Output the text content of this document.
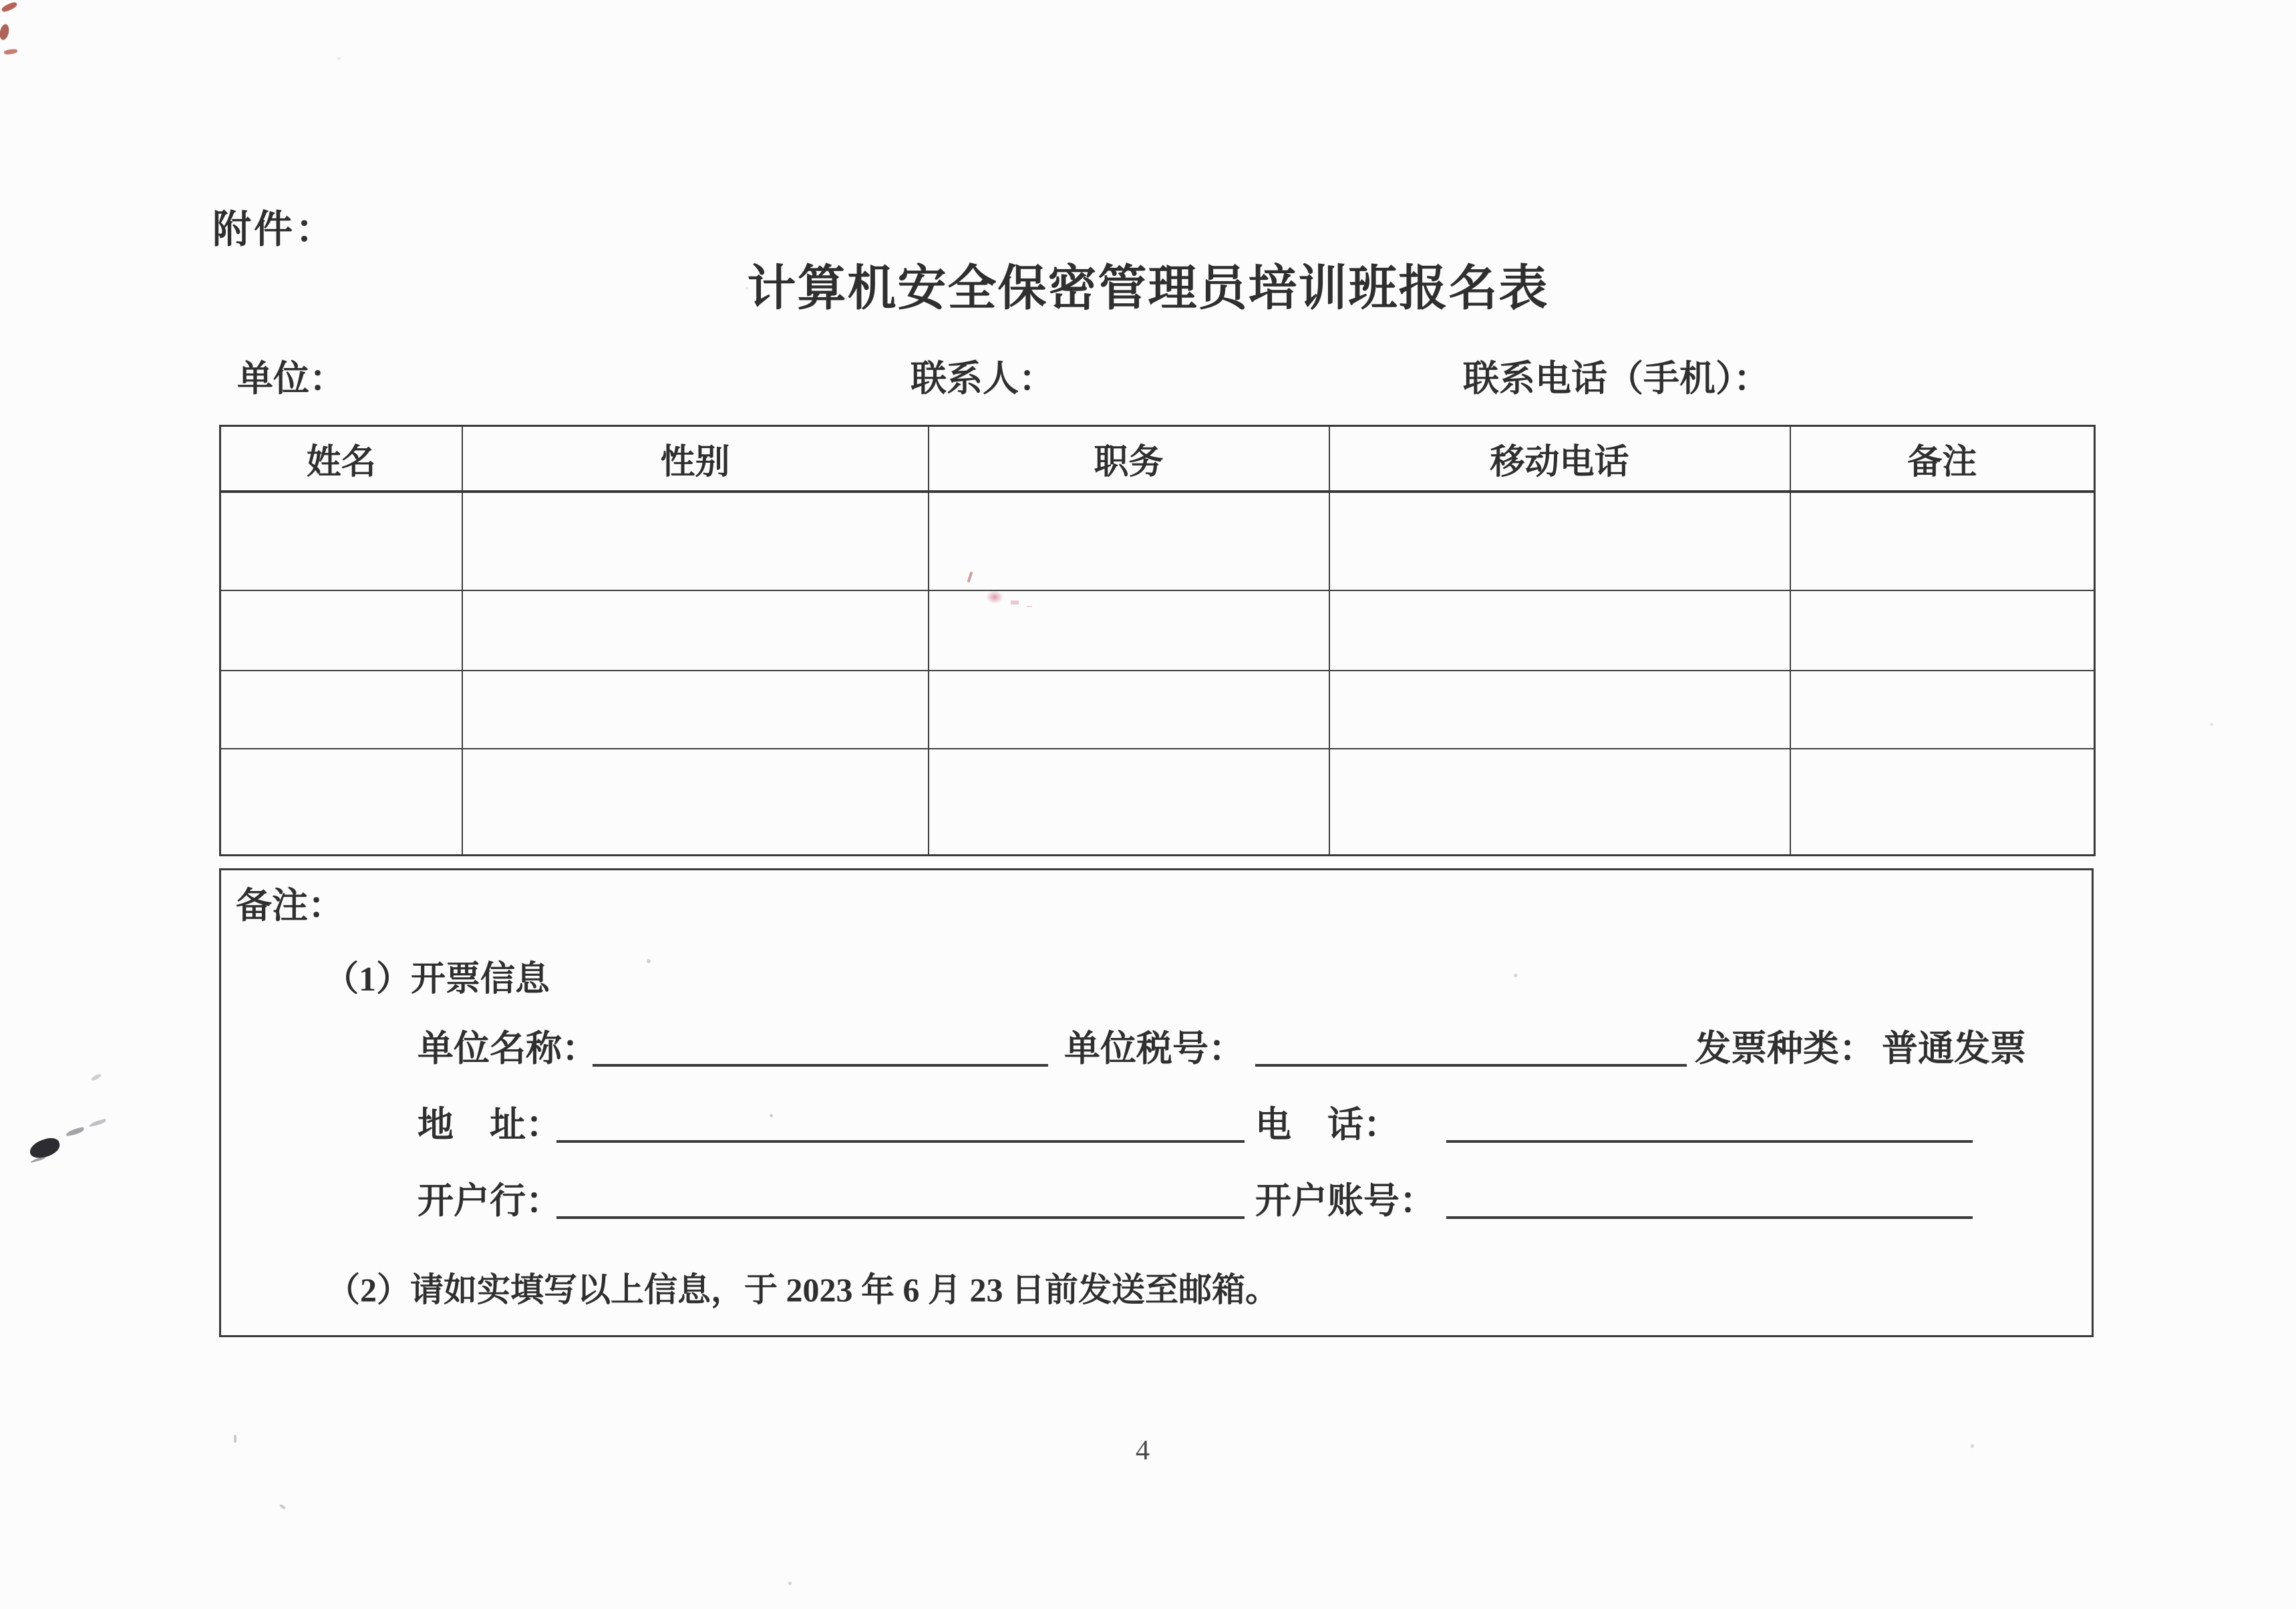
附件：
计算机安全保密管理员培训班报名表
单位：	联系人：	联系电话（手机）：
姓名	性别	职务	移动电话	备注

备注：
（1）开票信息
单位名称：	单位税号：	发票种类： 普通发票
地　址：	电　话：
开户行：	开户账号：
（2）请如实填写以上信息，于 2023 年 6 月 23 日前发送至邮箱。
4
